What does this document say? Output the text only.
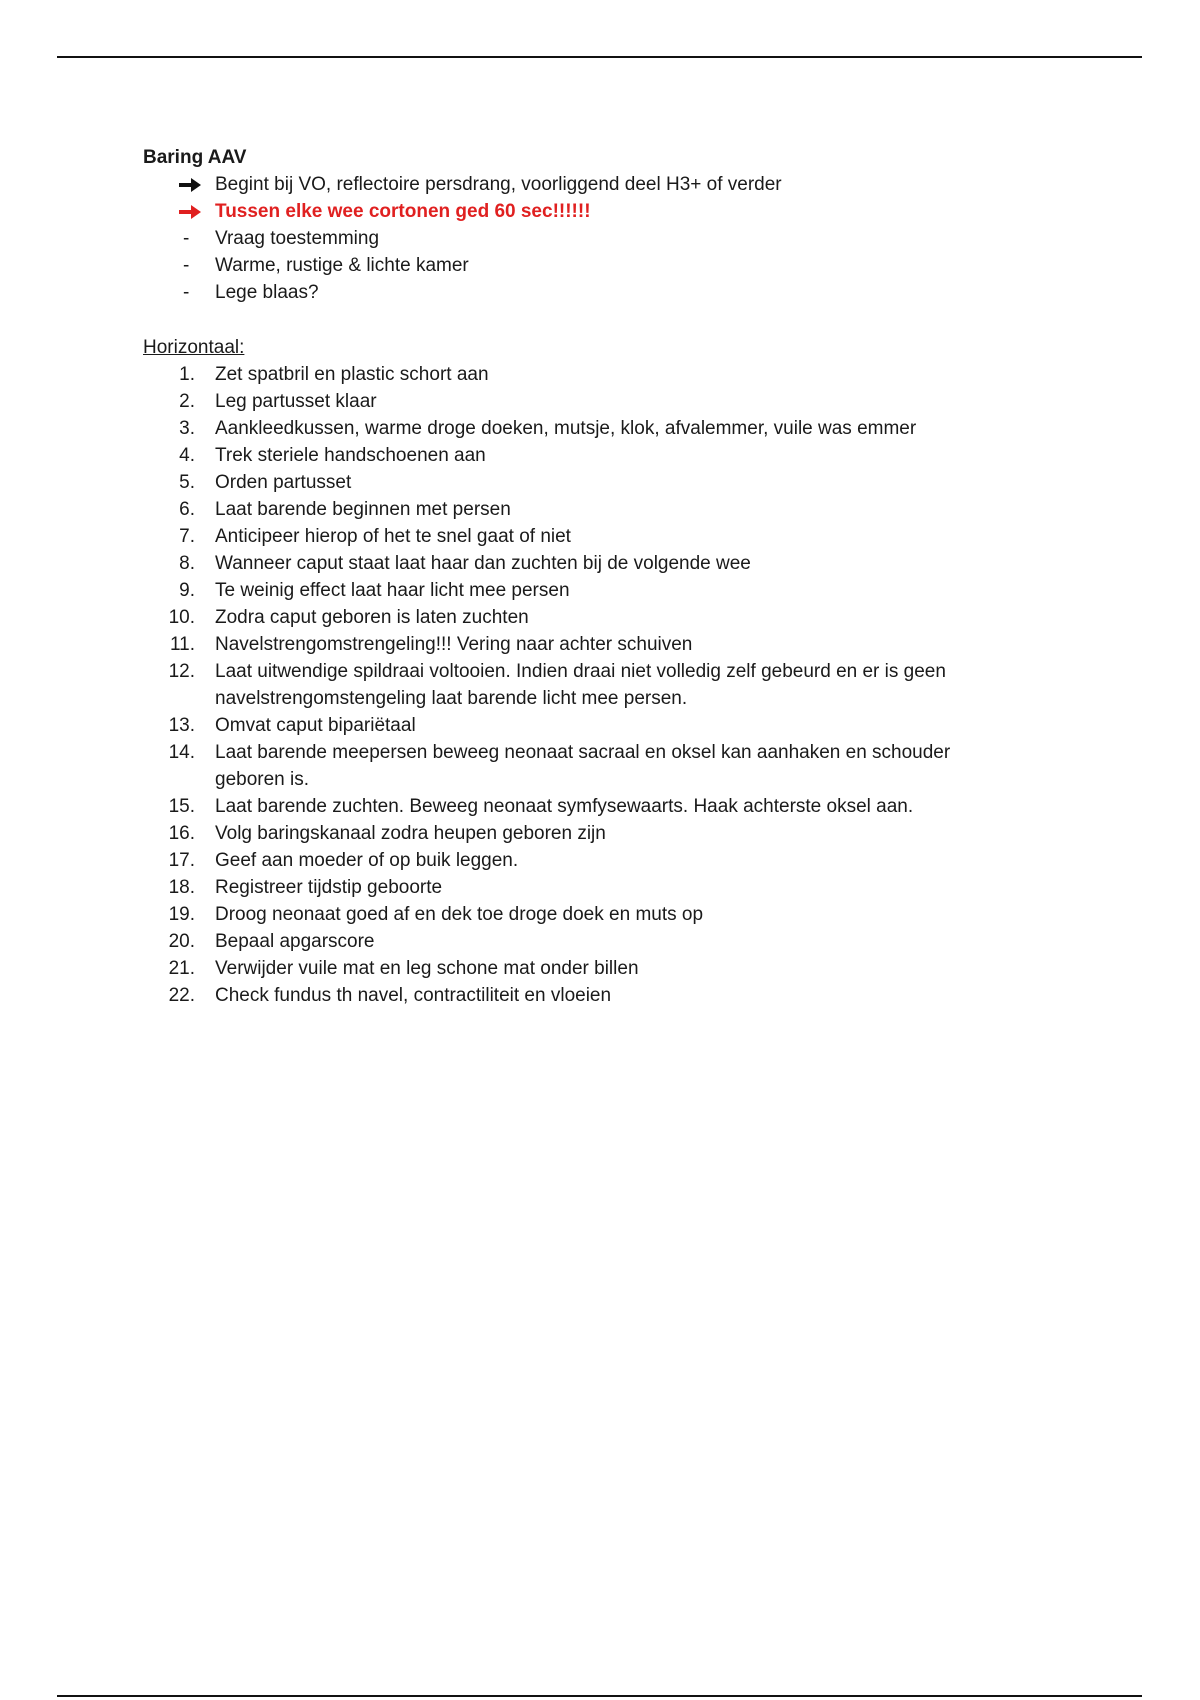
Baring AAV
Begint bij VO, reflectoire persdrang, voorliggend deel H3+ of verder
Tussen elke wee cortonen ged 60 sec!!!!!!
- Vraag toestemming
- Warme, rustige & lichte kamer
- Lege blaas?
Horizontaal:
1. Zet spatbril en plastic schort aan
2. Leg partusset klaar
3. Aankleedkussen, warme droge doeken, mutsje, klok, afvalemmer, vuile was emmer
4. Trek steriele handschoenen aan
5. Orden partusset
6. Laat barende beginnen met persen
7. Anticipeer hierop of het te snel gaat of niet
8. Wanneer caput staat laat haar dan zuchten bij de volgende wee
9. Te weinig effect laat haar licht mee persen
10. Zodra caput geboren is laten zuchten
11. Navelstrengomstrengeling!!! Vering naar achter schuiven
12. Laat uitwendige spildraai voltooien. Indien draai niet volledig zelf gebeurd en er is geen navelstrengomstengeling laat barende licht mee persen.
13. Omvat caput bipariëtaal
14. Laat barende meepersen beweeg neonaat sacraal en oksel kan aanhaken en schouder geboren is.
15. Laat barende zuchten. Beweeg neonaat symfysewaarts. Haak achterste oksel aan.
16. Volg baringskanaal zodra heupen geboren zijn
17. Geef aan moeder of op buik leggen.
18. Registreer tijdstip geboorte
19. Droog neonaat goed af en dek toe droge doek en muts op
20. Bepaal apgarscore
21. Verwijder vuile mat en leg schone mat onder billen
22. Check fundus th navel, contractiliteit en vloeien
